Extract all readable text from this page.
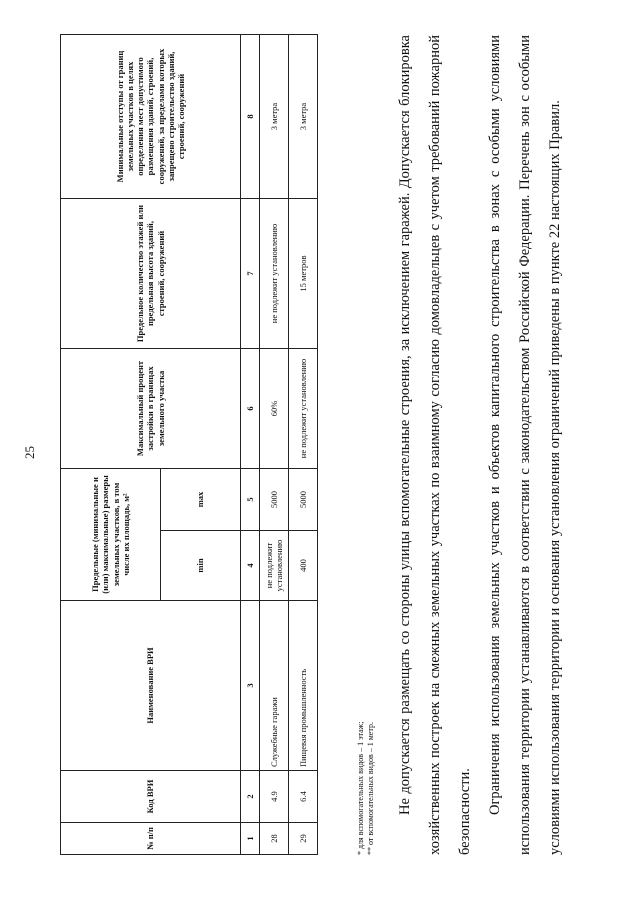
25
№ п/п	Код ВРИ	Наименование ВРИ	Предельные (минимальные и (или) максимальные) размеры земельных участков, в том числе их площадь, м²		Максимальный процент застройки в границах земельного участка	Предельное количество этажей или предельная высота зданий, строений, сооружений	Минимальные отступы от границ земельных участков в целях определения мест допустимого размещения зданий, строений, сооружений, за пределами которых запрещено строительство зданий, строений, сооружений
			min	max			
1	2	3	4	5	6	7	8
28	4.9	Служебные гаражи	не подлежит установлению	5000	60%	не подлежит установлению	3 метра
29	6.4	Пищевая промышленность	400	5000	не подлежит установлению	15 метров	3 метра
* для вспомогательных видов – 1 этаж; ** от вспомогательных видов – 1 метр.	Не допускается размещать со стороны улицы вспомогательные строения, за исключением гаражей. Допускается блокировка хозяйственных построек на смежных земельных участках по взаимному согласию домовладельцев с учетом требований пожарной безопасности. Ограничения использования земельных участков и объектов капитального строительства в зонах с особыми условиями использования территории устанавливаются в соответствии с законодательством Российской Федерации. Перечень зон с особыми условиями использования территории и основания установления ограничений приведены в пункте 22 настоящих Правил.
